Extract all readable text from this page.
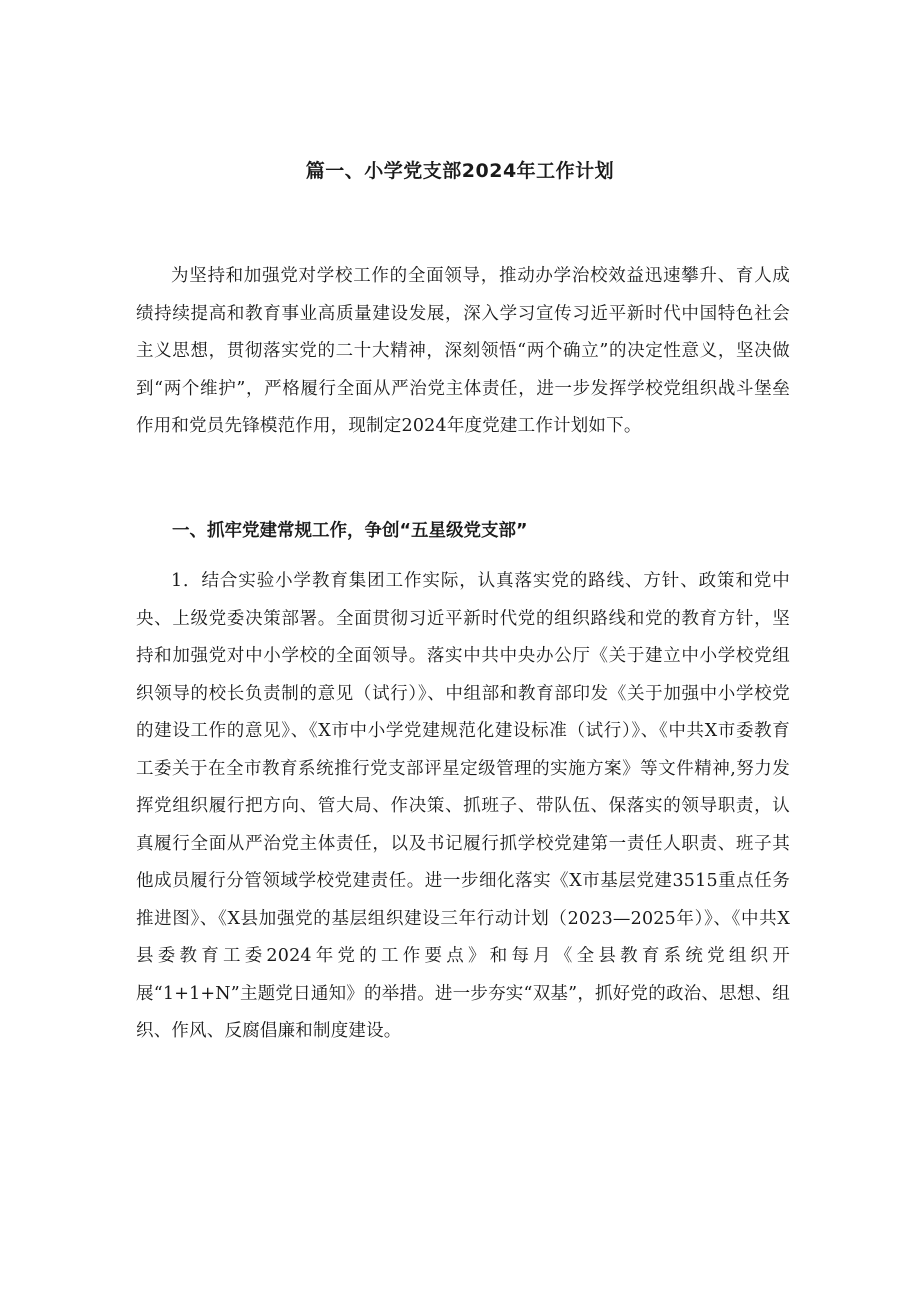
篇一、小学党支部2024年工作计划

为坚持和加强党对学校工作的全面领导，推动办学治校效益迅速攀升、育人成绩持续提高和教育事业高质量建设发展，深入学习宣传习近平新时代中国特色社会主义思想，贯彻落实党的二十大精神，深刻领悟“两个确立”的决定性意义，坚决做到“两个维护”，严格履行全面从严治党主体责任，进一步发挥学校党组织战斗堡垒作用和党员先锋模范作用，现制定2024年度党建工作计划如下。

一、抓牢党建常规工作，争创“五星级党支部”

1．结合实验小学教育集团工作实际，认真落实党的路线、方针、政策和党中央、上级党委决策部署。全面贯彻习近平新时代党的组织路线和党的教育方针，坚持和加强党对中小学校的全面领导。落实中共中央办公厅《关于建立中小学校党组织领导的校长负责制的意见（试行）》、中组部和教育部印发《关于加强中小学校党的建设工作的意见》、《X市中小学党建规范化建设标准（试行）》、《中共X市委教育工委关于在全市教育系统推行党支部评星定级管理的实施方案》等文件精神,努力发挥党组织履行把方向、管大局、作决策、抓班子、带队伍、保落实的领导职责，认真履行全面从严治党主体责任，以及书记履行抓学校党建第一责任人职责、班子其他成员履行分管领域学校党建责任。进一步细化落实《X市基层党建3515重点任务推进图》、《X县加强党的基层组织建设三年行动计划（2023—2025年）》、《中共X县委教育工委2024年党的工作要点》和每月《全县教育系统党组织开展“1+1+N”主题党日通知》的举措。进一步夯实“双基”，抓好党的政治、思想、组织、作风、反腐倡廉和制度建设。
